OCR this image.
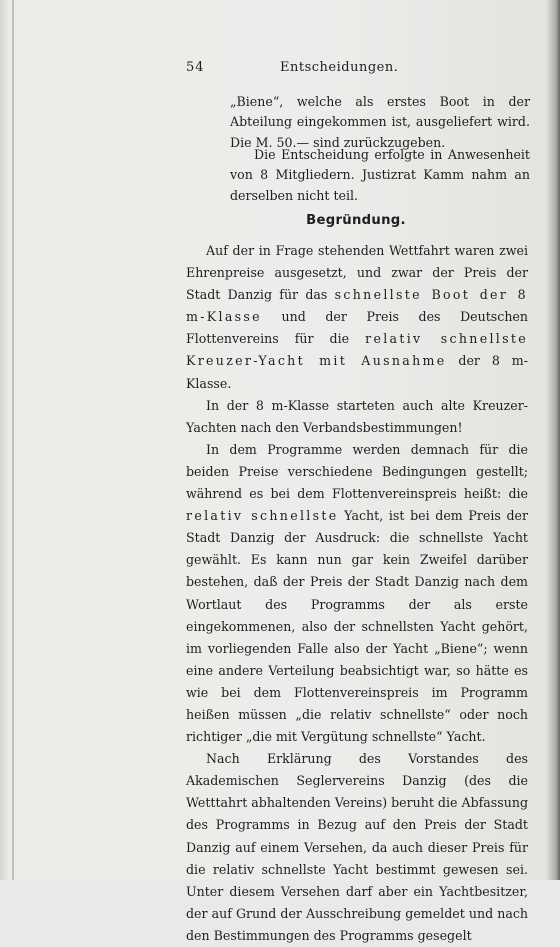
54	Entscheidungen.

„Biene“, welche als erstes Boot in der Abteilung eingekommen ist, ausgeliefert wird. Die M. 50.— sind zurückzugeben.

Die Entscheidung erfolgte in Anwesenheit von 8 Mitgliedern. Justizrat Kamm nahm an derselben nicht teil.

Begründung.

Auf der in Frage stehenden Wettfahrt waren zwei Ehrenpreise ausgesetzt, und zwar der Preis der Stadt Danzig für das schnellste Boot der 8 m-Klasse und der Preis des Deutschen Flottenvereins für die relativ schnellste Kreuzer-Yacht mit Ausnahme der 8 m-Klasse.

In der 8 m-Klasse starteten auch alte Kreuzer-Yachten nach den Verbandsbestimmungen!

In dem Programme werden demnach für die beiden Preise verschiedene Bedingungen gestellt; während es bei dem Flottenvereinspreis heißt: die relativ schnellste Yacht, ist bei dem Preis der Stadt Danzig der Ausdruck: die schnellste Yacht gewählt. Es kann nun gar kein Zweifel darüber bestehen, daß der Preis der Stadt Danzig nach dem Wortlaut des Programms der als erste eingekommenen, also der schnellsten Yacht gehört, im vorliegenden Falle also der Yacht „Biene“; wenn eine andere Verteilung beabsichtigt war, so hätte es wie bei dem Flottenvereinspreis im Programm heißen müssen „die relativ schnellste“ oder noch richtiger „die mit Vergütung schnellste“ Yacht.

Nach Erklärung des Vorstandes des Akademischen Seglervereins Danzig (des die Wetttahrt abhaltenden Vereins) beruht die Abfassung des Programms in Bezug auf den Preis der Stadt Danzig auf einem Versehen, da auch dieser Preis für die relativ schnellste Yacht bestimmt gewesen sei. Unter diesem Versehen darf aber ein Yachtbesitzer, der auf Grund der Ausschreibung gemeldet und nach den Bestimmungen des Programms gesegelt
